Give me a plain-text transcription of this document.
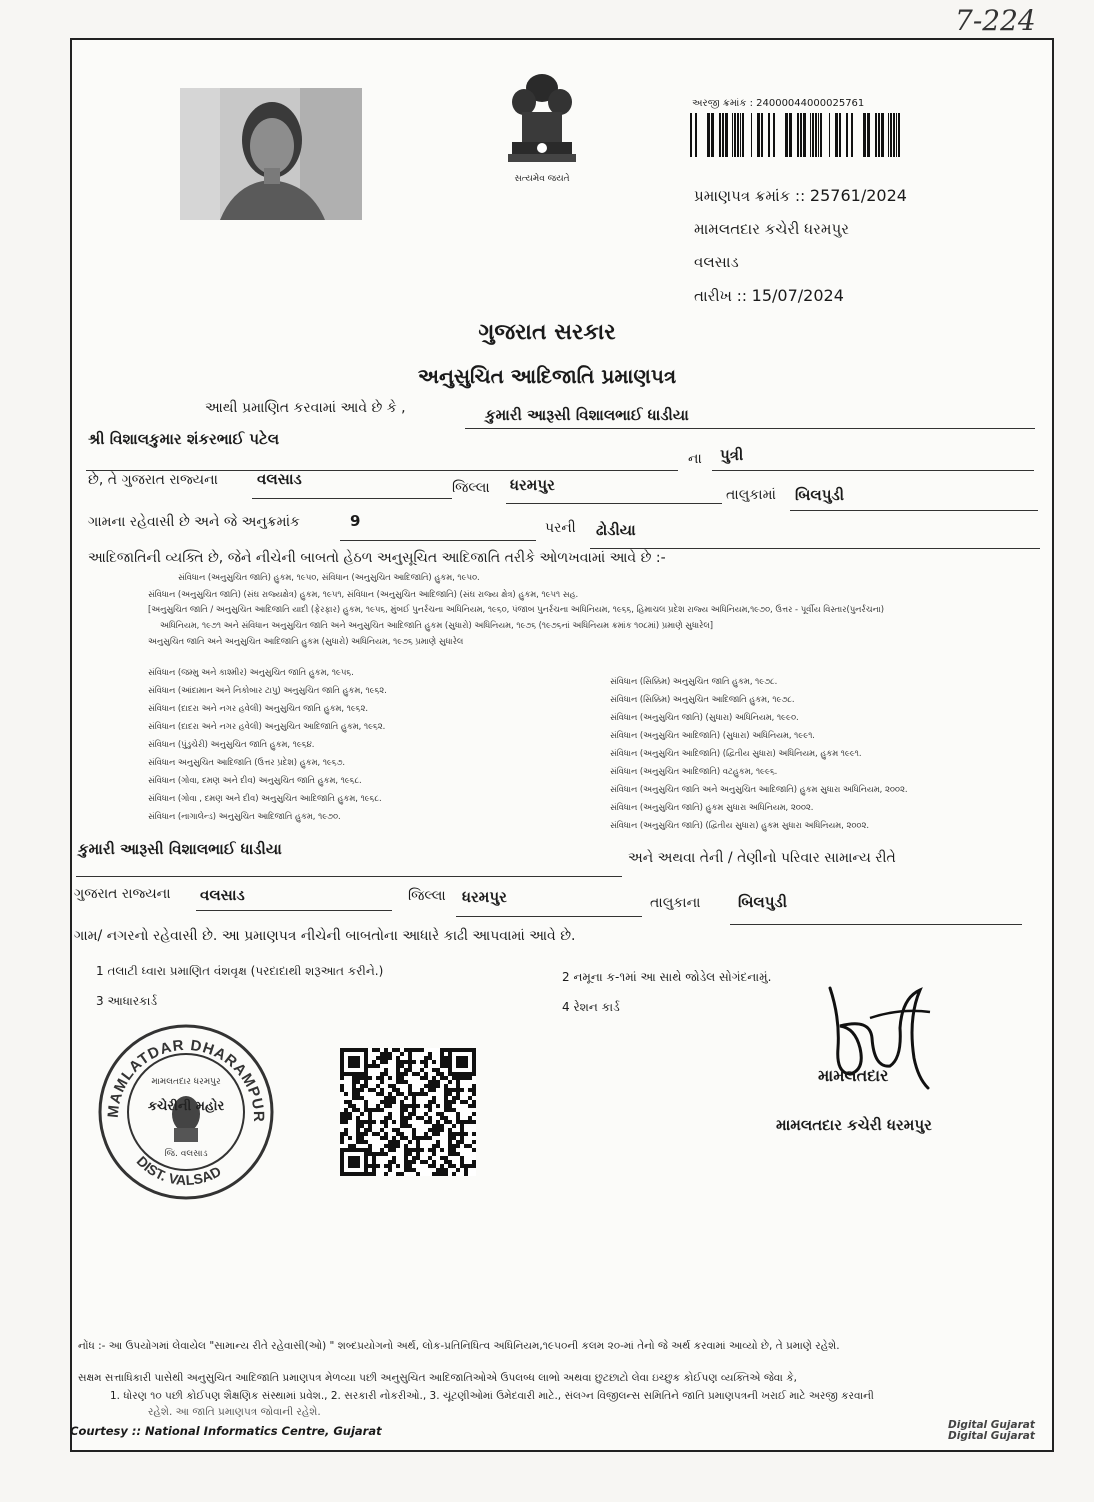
7-224
સત્યમેવ જયતે
અરજી ક્રમાંક : 24000044000025761
પ્રમાણપત્ર ક્રમાંક :: 25761/2024
મામલતદાર કચેરી ધરમપુર
વલસાડ
તારીખ :: 15/07/2024
ગુજરાત સરકાર
અનુસુચિત આદિજાતિ પ્રમાણપત્ર
આથી પ્રમાણિત કરવામાં આવે છે કે ,	કુમારી આરૂસી વિશાલભાઈ ધાડીયા
શ્રી વિશાલકુમાર શંકરભાઈ પટેલ
ના પુત્રી
છે, તે ગુજરાત રાજ્યના	વલસાડ	જિલ્લા ધરમપુર
તાલુકામાં બિલપુડી
ગામના રહેવાસી છે અને જે અનુક્રમાંક	9	પરની ઢોડીયા
આદિજાતિની વ્યક્તિ છે, જેને નીચેની બાબતો હેઠળ અનુસૂચિત આદિજાતિ તરીકે ઓળખવામાં આવે છે :-
સંવિધાન (અનુસુચિત જાતિ) હુકમ, ૧૯૫૦, સંવિધાન (અનુસુચિત આદિજાતિ) હુકમ, ૧૯૫૦.
સંવિધાન (અનુસુચિત જાતિ) (સંઘ રાજ્યક્ષેત્ર) હુકમ, ૧૯૫૧, સંવિધાન (અનુસુચિત આદિજાતિ) (સંઘ રાજ્ય ક્ષેત્ર) હુકમ, ૧૯૫૧ સહ.
[અનુસુચિત જાતિ / અનુસુચિત આદિજાતિ યાદી (ફેરફાર) હુકમ, ૧૯૫૬, મુંબઈ પુનર્રચના અધિનિયમ, ૧૯૬૦, પંજાબ પુનર્રચના અધિનિયમ, ૧૯૬૬, હિમાચલ પ્રદેશ રાજ્ય અધિનિયમ,૧૯૭૦, ઉત્તર - પૂર્વીય વિસ્તાર(પુનર્રચના)
અધિનિયમ, ૧૯૭૧ અને સંવિધાન અનુસુચિત જાતિ અને અનુસુચિત આદિજાતિ હુકમ (સુધારો) અધિનિયમ, ૧૯૭૬ (૧૯૭૬નાં અધિનિયમ ક્રમાંક ૧૦૮માં) પ્રમાણે સુધારેલ]
અનુસુચિત જાતિ અને અનુસુચિત આદિજાતિ હુકમ (સુધારો) અધિનિયમ, ૧૯૭૬ પ્રમાણે સુધારેલ
સંવિધાન (જમ્મુ અને કાશ્મીર) અનુસુચિત જાતિ હુકમ, ૧૯૫૬.
સંવિધાન (આંદામાન અને નિકોબાર ટાપુ) અનુસુચિત જાતિ હુકમ, ૧૯૬૨.
સંવિધાન (દાદરા અને નગર હવેલી) અનુસુચિત જાતિ હુકમ, ૧૯૬૨.
સંવિધાન (દાદરા અને નગર હવેલી) અનુસુચિત આદિજાતિ હુકમ, ૧૯૬૨.
સંવિધાન (પુંડુચેરી) અનુસુચિત જાતિ હુકમ, ૧૯૬૪.
સંવિધાન અનુસુચિત આદિજાતિ (ઉત્તર પ્રદેશ) હુકમ, ૧૯૬૭.
સંવિધાન (ગોવા, દમણ અને દીવ) અનુસુચિત જાતિ હુકમ, ૧૯૬૮.
સંવિધાન (ગોવા , દમણ અને દીવ) અનુસુચિત આદિજાતિ હુકમ, ૧૯૬૮.
સંવિધાન (નાગાલેન્ડ) અનુસુચિત આદિજાતિ હુકમ, ૧૯૭૦.
સંવિધાન (સિક્કિમ) અનુસુચિત જાતિ હુકમ, ૧૯૭૮.
સંવિધાન (સિક્કિમ) અનુસુચિત આદિજાતિ હુકમ, ૧૯૭૮.
સંવિધાન (અનુસુચિત જાતિ) (સુધારા) અધિનિયમ, ૧૯૯૦.
સંવિધાન (અનુસુચિત આદિજાતિ) (સુધારા) અધિનિયમ, ૧૯૯૧.
સંવિધાન (અનુસુચિત આદિજાતિ) (દ્વિતીય સુધારા) અધિનિયમ, હુકમ ૧૯૯૧.
સંવિધાન (અનુસુચિત આદિજાતિ) વટહુકમ, ૧૯૯૬.
સંવિધાન (અનુસુચિત જાતિ અને અનુસુચિત આદિજાતિ) હુકમ સુધારા અધિનિયમ, ૨૦૦૨.
સંવિધાન (અનુસુચિત જાતિ) હુકમ સુધારા અધિનિયમ, ૨૦૦૨.
સંવિધાન (અનુસુચિત જાતિ) (દ્વિતીય સુધારા) હુકમ સુધારા અધિનિયમ, ૨૦૦૨.
કુમારી આરૂસી વિશાલભાઈ ધાડીયા	અને અથવા તેની / તેણીનો પરિવાર સામાન્ય રીતે
ગુજરાત રાજ્યના વલસાડ	જિલ્લા ધરમપુર	તાલુકાના	બિલપુડી
ગામ/ નગરનો રહેવાસી છે. આ પ્રમાણપત્ર નીચેની બાબતોના આધારે કાઢી આપવામાં આવે છે.
1 તલાટી ધ્વારા પ્રમાણિત વંશવૃક્ષ (પરદાદાથી શરૂઆત કરીને.)	2 નમૂના ક-૧માં આ સાથે જોડેલ સોગંદનામું.
3 આધારકાર્ડ	4 રેશન કાર્ડ
MAMLATDAR DHARAMPUR
DIST. VALSAD
મામલતદાર ધરમપુર
કચેરીની મહોર
જિ. વલસાડ
મામલતદાર
મામલતદાર કચેરી ધરમપુર
નોંધ :- આ ઉપયોગમાં લેવાયેલ "સામાન્ય રીતે રહેવાસી(ઓ) " શબ્દપ્રયોગનો અર્થ, લોક-પ્રતિનિધિત્વ અધિનિયમ,૧૯૫૦ની કલમ ૨૦-માં તેનો જે અર્થ કરવામાં આવ્યો છે, તે પ્રમાણે રહેશે.
સક્ષમ સત્તાધિકારી પાસેથી અનુસુચિત આદિજાતિ પ્રમાણપત્ર મેળવ્યા પછી અનુસુચિત આદિજાતિઓએ ઉપલબ્ધ લાભો અથવા છુટછાટો લેવા ઇચ્છુક કોઈપણ વ્યક્તિએ જેવા કે,
1. ધોરણ ૧૦ પછી કોઈપણ શૈક્ષણિક સંસ્થામાં પ્રવેશ., 2. સરકારી નોકરીઓ., 3. ચૂંટણીઓમાં ઉમેદવારી માટે., સંલગ્ન વિજીલન્સ સમિતિને જાતિ પ્રમાણપત્રની ખરાઈ માટે અરજી કરવાની
રહેશે. આ જાતિ પ્રમાણપત્ર જોવાની રહેશે.
Courtesy :: National Informatics Centre, Gujarat	Digital Gujarat
Digital Gujarat
